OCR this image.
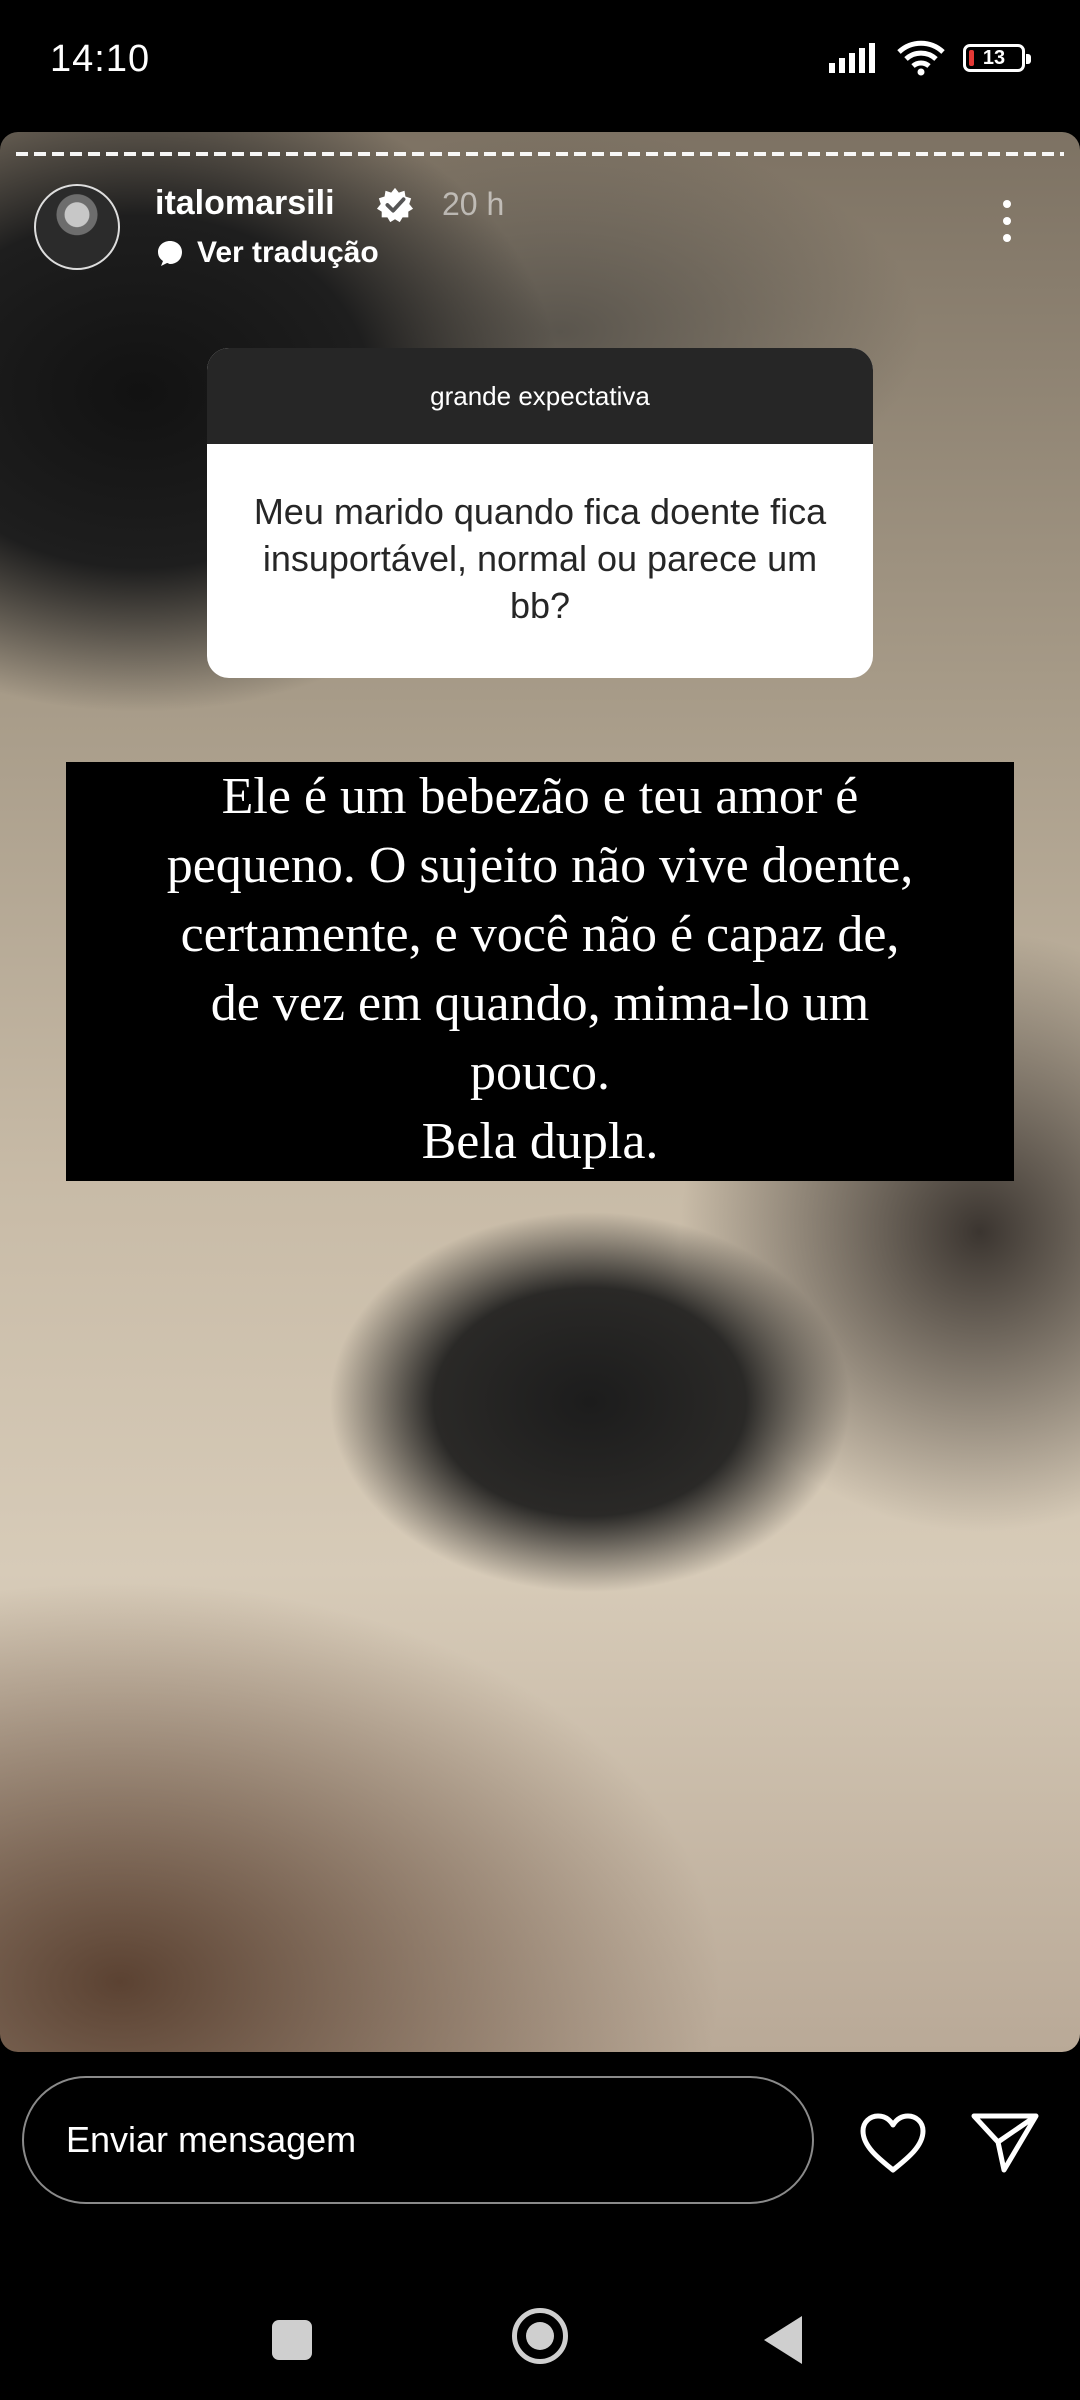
14:10	13
italomarsili	20 h
Ver tradução
grande expectativa
Meu marido quando fica doente fica insuportável, normal ou parece um bb?

Ele é um bebezão e teu amor é

pequeno. O sujeito não vive doente,

certamente, e você não é capaz de,

de vez em quando, mima-lo um

pouco.

Bela dupla.

Enviar mensagem
